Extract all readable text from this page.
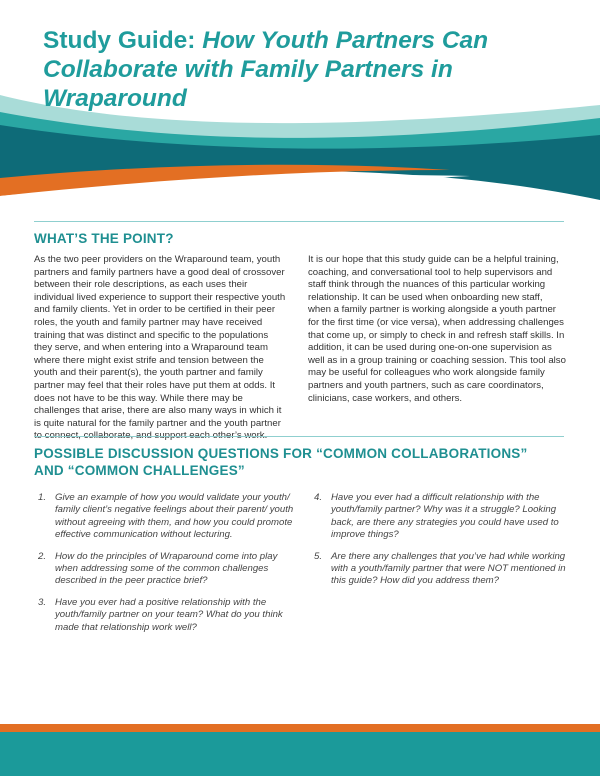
Study Guide: How Youth Partners Can Collaborate with Family Partners in Wraparound
WHAT’S THE POINT?

As the two peer providers on the Wraparound team, youth partners and family partners have a good deal of crossover between their role descriptions, as each uses their individual lived experience to support their respective youth and family clients. Yet in order to be certified in their peer roles, the youth and family partner may have received training that was distinct and specific to the populations they serve, and when entering into a Wraparound team where there might exist strife and tension between the youth and their parent(s), the youth partner and family partner may feel that their roles have put them at odds. It does not have to be this way. While there may be challenges that arise, there are also many ways in which it is quite natural for the family partner and the youth partner to connect, collaborate, and support each other’s work.

It is our hope that this study guide can be a helpful training, coaching, and conversational tool to help supervisors and staff think through the nuances of this particular working relationship. It can be used when onboarding new staff, when a family partner is working alongside a youth partner for the first time (or vice versa), when addressing challenges that come up, or simply to check in and refresh staff skills. In addition, it can be used during one-on-one supervision as well as in a group training or coaching session. This tool also may be useful for colleagues who work alongside family partners and youth partners, such as care coordinators, clinicians, case workers, and others.

POSSIBLE DISCUSSION QUESTIONS FOR “COMMON COLLABORATIONS”
AND “COMMON CHALLENGES”
1. Give an example of how you would validate your youth/ family client’s negative feelings about their parent/ youth without agreeing with them, and how you could promote effective communication without lecturing.
2. How do the principles of Wraparound come into play when addressing some of the common challenges described in the peer practice brief?
3. Have you ever had a positive relationship with the youth/family partner on your team? What do you think made that relationship work well?
4. Have you ever had a difficult relationship with the youth/family partner? Why was it a struggle? Looking back, are there any strategies you could have used to improve things?
5. Are there any challenges that you’ve had while working with a youth/family partner that were NOT mentioned in this guide? How did you address them?
